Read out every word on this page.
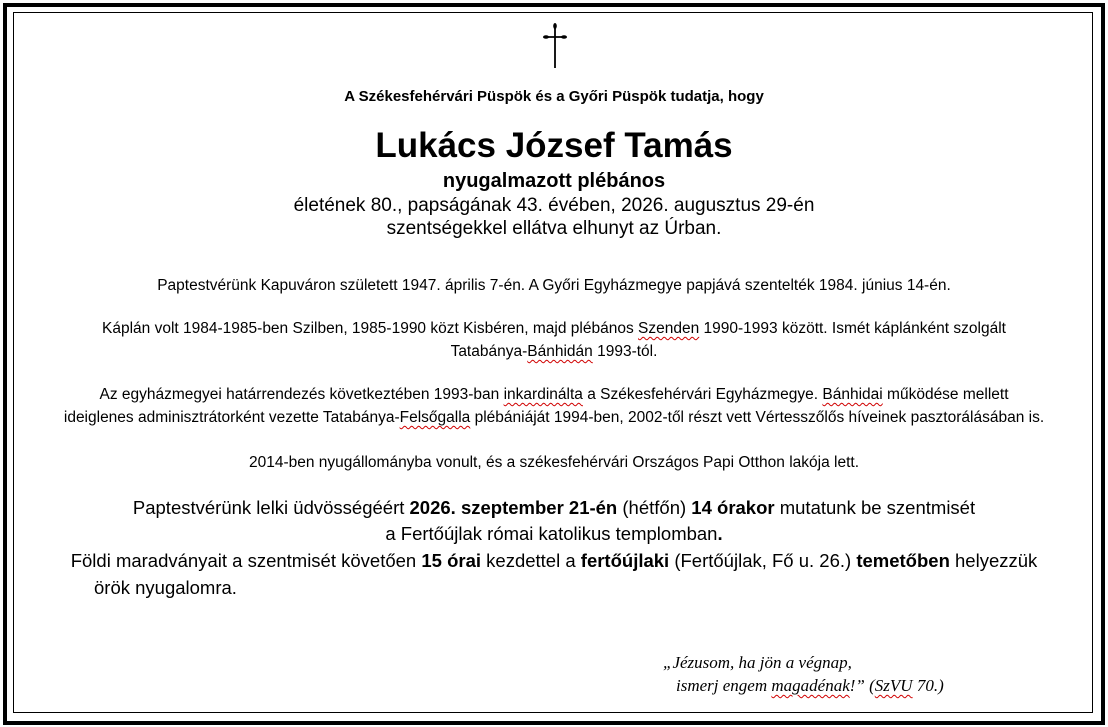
A Székesfehérvári Püspök és a Győri Püspök tudatja, hogy
Lukács József Tamás
nyugalmazott plébános
életének 80., papságának 43. évében, 2026. augusztus 29-én
szentségekkel ellátva elhunyt az Úrban.
Paptestvérünk Kapuváron született 1947. április 7-én. A Győri Egyházmegye papjává szentelték 1984. június 14-én.
Káplán volt 1984-1985-ben Szilben, 1985-1990 közt Kisbéren, majd plébános Szenden 1990-1993 között. Ismét káplánként szolgált
Tatabánya-Bánhidán 1993-tól.
Az egyházmegyei határrendezés következtében 1993-ban inkardinálta a Székesfehérvári Egyházmegye. Bánhidai működése mellett
ideiglenes adminisztrátorként vezette Tatabánya-Felsőgalla plébániáját 1994-ben, 2002-től részt vett Vértesszőlős híveinek pasztorálásában is.
2014-ben nyugállományba vonult, és a székesfehérvári Országos Papi Otthon lakója lett.
Paptestvérünk lelki üdvösségéért 2026. szeptember 21-én (hétfőn) 14 órakor mutatunk be szentmisét
a Fertőújlak római katolikus templomban.
Földi maradványait a szentmisét követően 15 órai kezdettel a fertőújlaki (Fertőújlak, Fő u. 26.) temetőben helyezzük
örök nyugalomra.
„Jézusom, ha jön a végnap,
ismerj engem magadénak!” (SzVU 70.)
